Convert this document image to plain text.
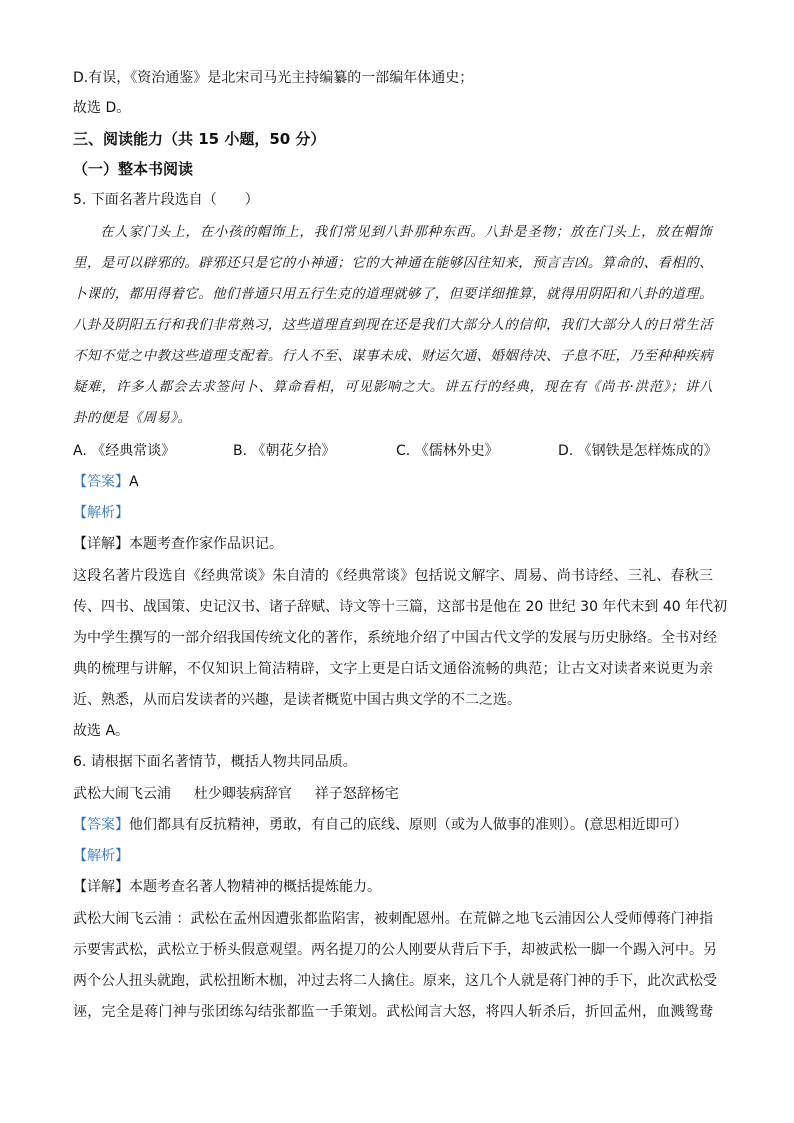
D.有误，《资治通鉴》是北宋司马光主持编纂的一部编年体通史；
故选 D。
三、阅读能力（共 15 小题，50 分）
（一）整本书阅读
5. 下面名著片段选自（　　）
在人家门头上，在小孩的帽饰上，我们常见到八卦那种东西。八卦是圣物；放在门头上，放在帽饰
里，是可以辟邪的。辟邪还只是它的小神通；它的大神通在能够囚往知来，预言吉凶。算命的、看相的、
卜课的，都用得着它。他们普通只用五行生克的道理就够了，但要详细推算，就得用阴阳和八卦的道理。
八卦及阴阳五行和我们非常熟习，这些道理直到现在还是我们大部分人的信仰，我们大部分人的日常生活
不知不觉之中教这些道理支配着。行人不至、谋事未成、财运欠通、婚姻待决、子息不旺，乃至种种疾病
疑难，许多人都会去求签问卜、算命看相，可见影响之大。讲五行的经典，现在有《尚书·洪范》；讲八
卦的便是《周易》。
A. 《经典常谈》	B. 《朝花夕拾》	C. 《儒林外史》	D. 《钢铁是怎样炼成的》
【答案】A
【解析】
【详解】本题考查作家作品识记。
这段名著片段选自《经典常谈》朱自清的《经典常谈》包括说文解字、周易、尚书诗经、三礼、春秋三
传、四书、战国策、史记汉书、诸子辞赋、诗文等十三篇，这部书是他在 20 世纪 30 年代末到 40 年代初
为中学生撰写的一部介绍我国传统文化的著作，系统地介绍了中国古代文学的发展与历史脉络。全书对经
典的梳理与讲解，不仅知识上简洁精辟，文字上更是白话文通俗流畅的典范；让古文对读者来说更为亲
近、熟悉，从而启发读者的兴趣，是读者概览中国古典文学的不二之选。
故选 A。
6. 请根据下面名著情节，概括人物共同品质。
武松大闹飞云浦　  杜少卿装病辞官　  祥子怒辞杨宅
【答案】他们都具有反抗精神，勇敢，有自己的底线、原则（或为人做事的准则）。(意思相近即可）
【解析】
【详解】本题考查名著人物精神的概括提炼能力。
武松大闹飞云浦 ：武松在孟州因遭张都监陷害，被刺配恩州。在荒僻之地飞云浦因公人受师傅蒋门神指
示要害武松，武松立于桥头假意观望。两名提刀的公人刚要从背后下手，却被武松一脚一个踢入河中。另
两个公人扭头就跑，武松扭断木枷，冲过去将二人擒住。原来，这几个人就是蒋门神的手下，此次武松受
诬，完全是蒋门神与张团练勾结张都监一手策划。武松闻言大怒，将四人斩杀后，折回孟州，血溅鸳鸯
